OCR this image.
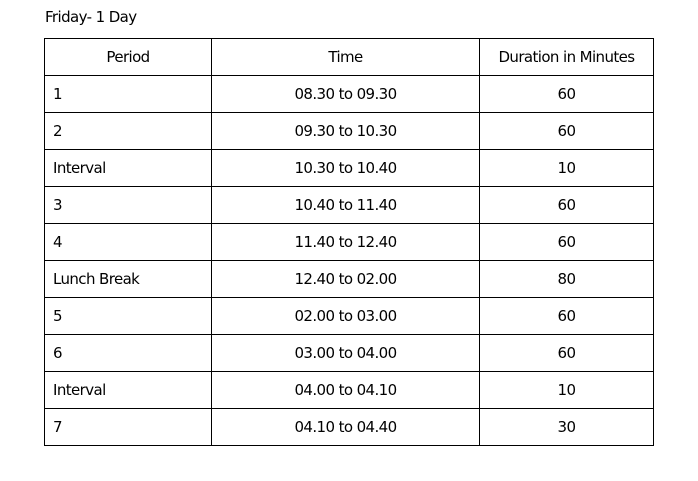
Friday- 1 Day
Period	Time	Duration in Minutes
1	08.30 to 09.30	60
2	09.30 to 10.30	60
Interval	10.30 to 10.40	10
3	10.40 to 11.40	60
4	11.40 to 12.40	60
Lunch Break	12.40 to 02.00	80
5	02.00 to 03.00	60
6	03.00 to 04.00	60
Interval	04.00 to 04.10	10
7	04.10 to 04.40	30
